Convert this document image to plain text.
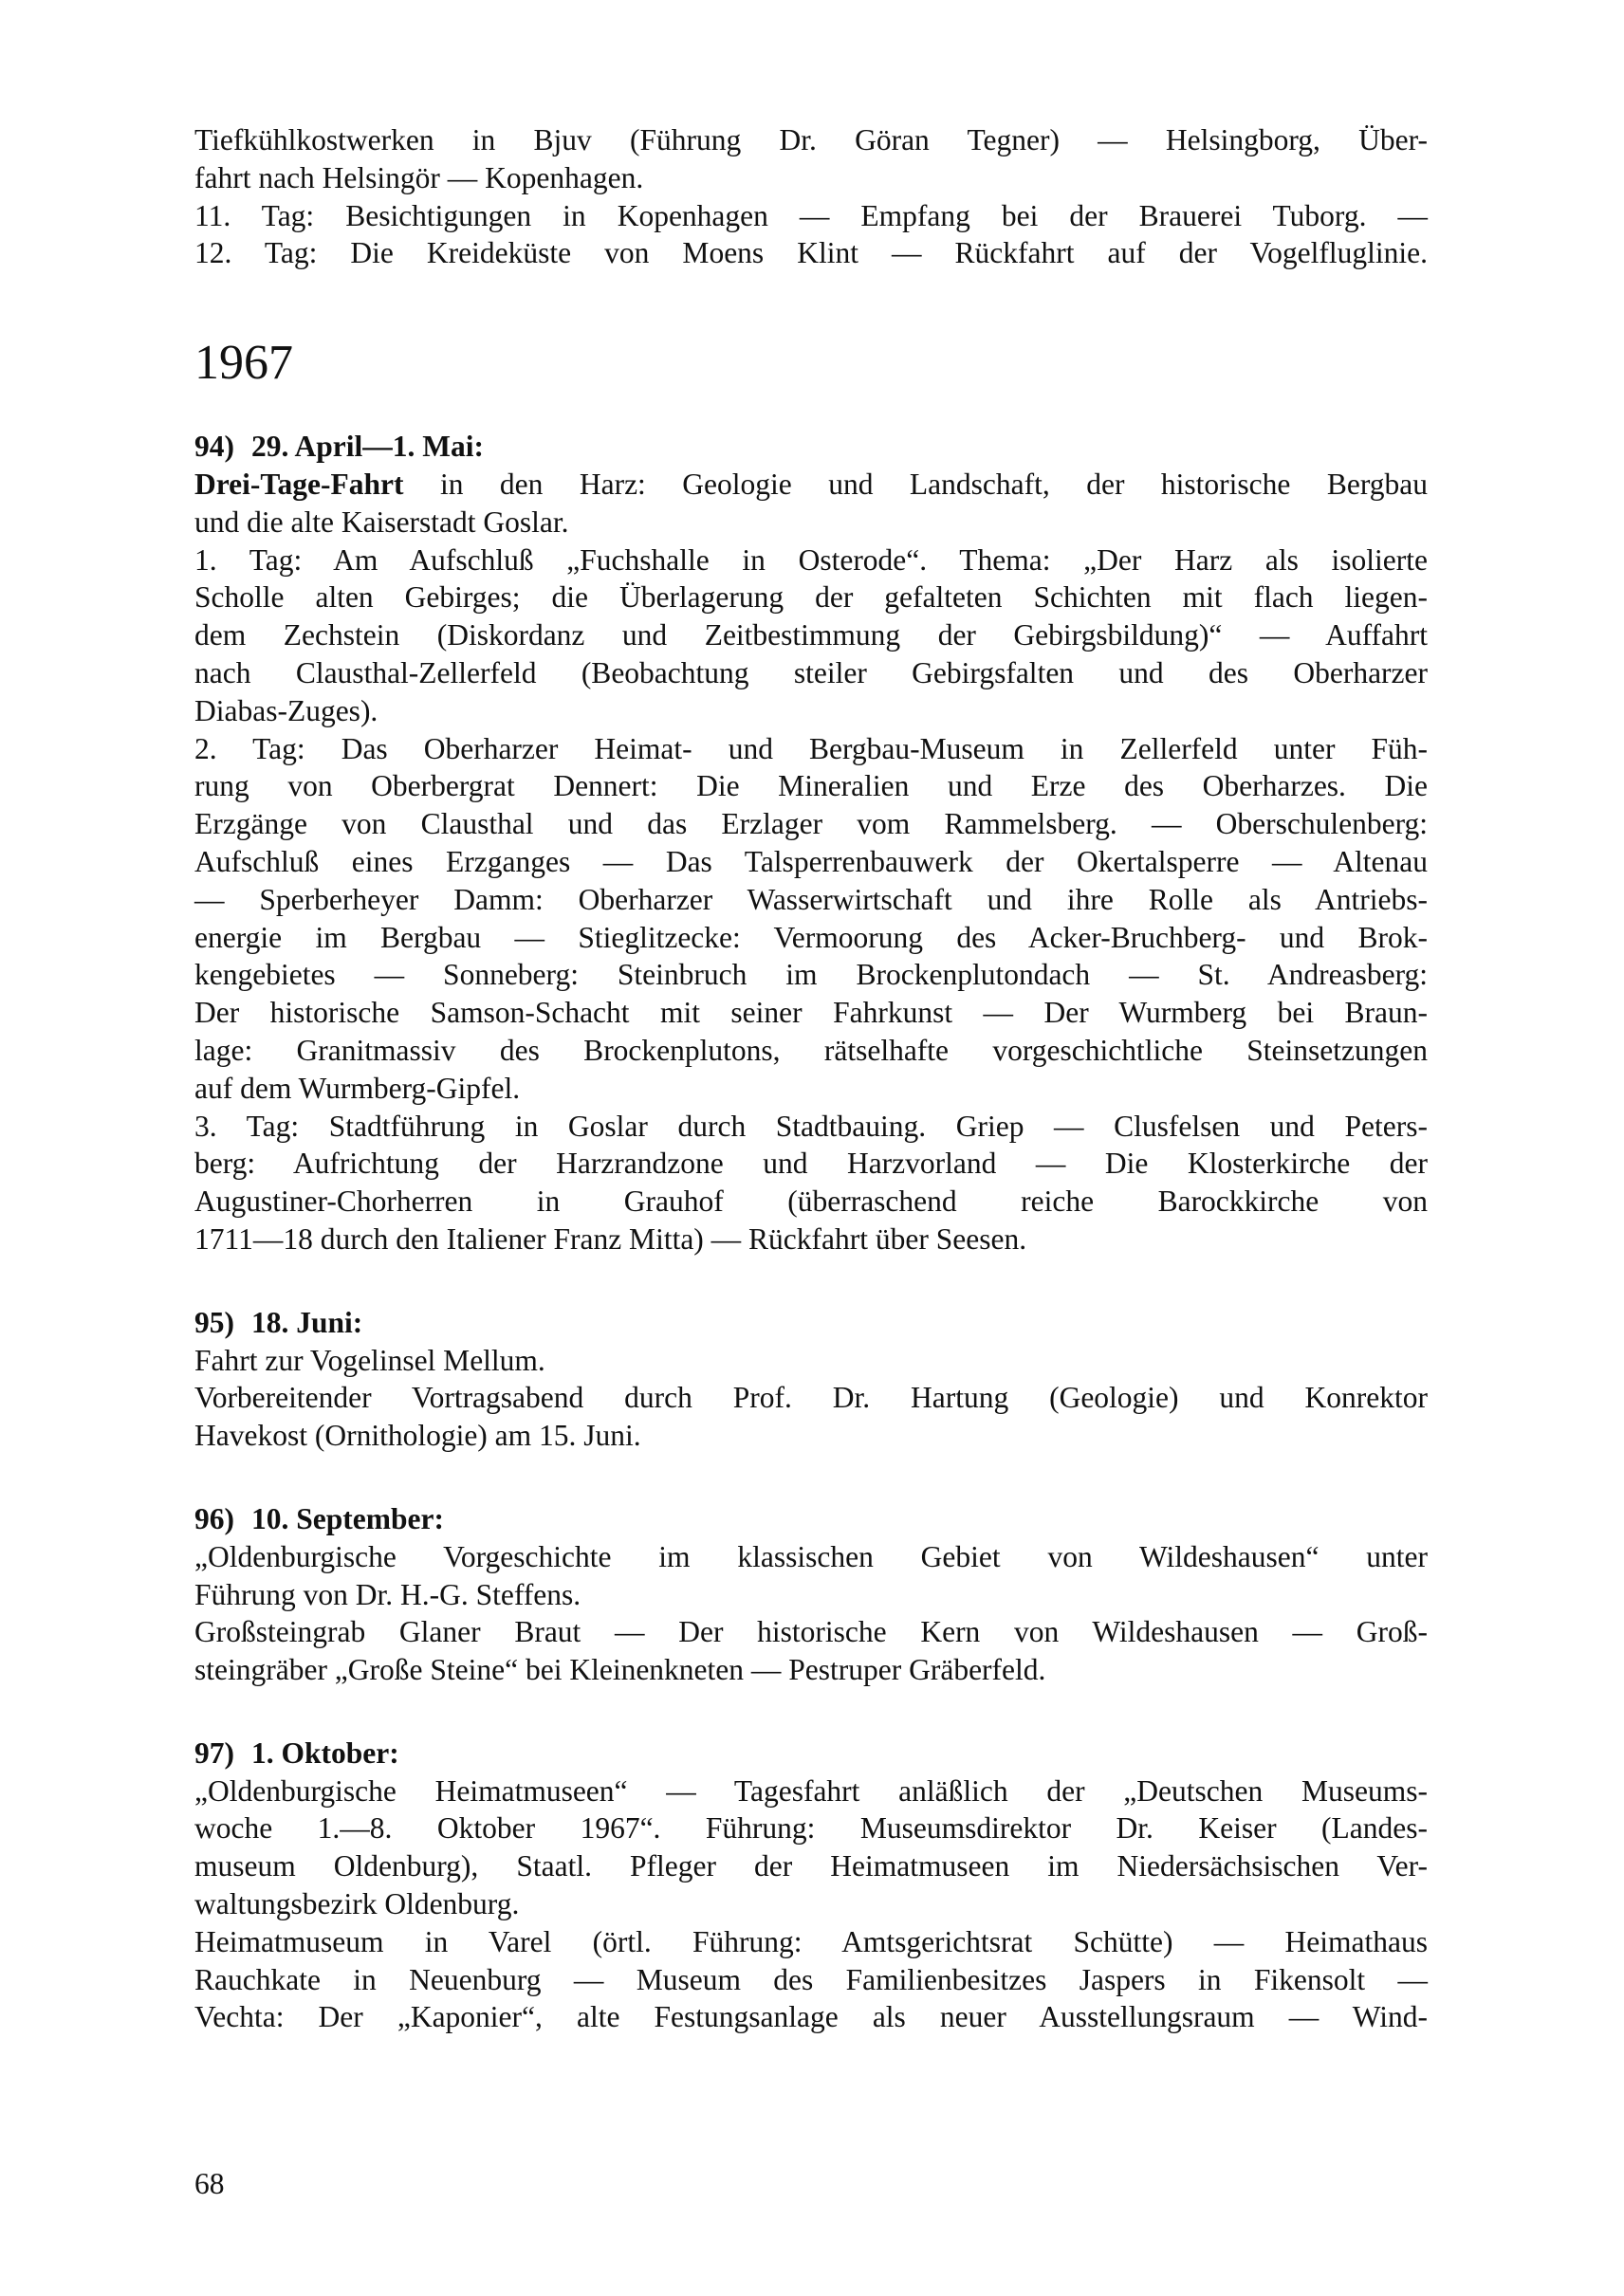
Tiefkühlkostwerken in Bjuv (Führung Dr. Göran Tegner) — Helsingborg, Über-
fahrt nach Helsingör — Kopenhagen.
11. Tag: Besichtigungen in Kopenhagen — Empfang bei der Brauerei Tuborg. —
12. Tag: Die Kreideküste von Moens Klint — Rückfahrt auf der Vogelfluglinie.
1967
94) 29. April—1. Mai:
Drei-Tage-Fahrt in den Harz: Geologie und Landschaft, der historische Bergbau
und die alte Kaiserstadt Goslar.
1. Tag: Am Aufschluß „Fuchshalle in Osterode“. Thema: „Der Harz als isolierte
Scholle alten Gebirges; die Überlagerung der gefalteten Schichten mit flach liegen-
dem Zechstein (Diskordanz und Zeitbestimmung der Gebirgsbildung)“ — Auffahrt
nach Clausthal-Zellerfeld (Beobachtung steiler Gebirgsfalten und des Oberharzer
Diabas-Zuges).
2. Tag: Das Oberharzer Heimat- und Bergbau-Museum in Zellerfeld unter Füh-
rung von Oberbergrat Dennert: Die Mineralien und Erze des Oberharzes. Die
Erzgänge von Clausthal und das Erzlager vom Rammelsberg. — Oberschulenberg:
Aufschluß eines Erzganges — Das Talsperrenbauwerk der Okertalsperre — Altenau
— Sperberheyer Damm: Oberharzer Wasserwirtschaft und ihre Rolle als Antriebs-
energie im Bergbau — Stieglitzecke: Vermoorung des Acker-Bruchberg- und Brok-
kengebietes — Sonneberg: Steinbruch im Brockenplutondach — St. Andreasberg:
Der historische Samson-Schacht mit seiner Fahrkunst — Der Wurmberg bei Braun-
lage: Granitmassiv des Brockenplutons, rätselhafte vorgeschichtliche Steinsetzungen
auf dem Wurmberg-Gipfel.
3. Tag: Stadtführung in Goslar durch Stadtbauing. Griep — Clusfelsen und Peters-
berg: Aufrichtung der Harzrandzone und Harzvorland — Die Klosterkirche der
Augustiner-Chorherren in Grauhof (überraschend reiche Barockkirche von
1711—18 durch den Italiener Franz Mitta) — Rückfahrt über Seesen.
95) 18. Juni:
Fahrt zur Vogelinsel Mellum.
Vorbereitender Vortragsabend durch Prof. Dr. Hartung (Geologie) und Konrektor
Havekost (Ornithologie) am 15. Juni.
96) 10. September:
„Oldenburgische Vorgeschichte im klassischen Gebiet von Wildeshausen“ unter
Führung von Dr. H.-G. Steffens.
Großsteingrab Glaner Braut — Der historische Kern von Wildeshausen — Groß-
steingräber „Große Steine“ bei Kleinenkneten — Pestruper Gräberfeld.
97) 1. Oktober:
„Oldenburgische Heimatmuseen“ — Tagesfahrt anläßlich der „Deutschen Museums-
woche 1.—8. Oktober 1967“. Führung: Museumsdirektor Dr. Keiser (Landes-
museum Oldenburg), Staatl. Pfleger der Heimatmuseen im Niedersächsischen Ver-
waltungsbezirk Oldenburg.
Heimatmuseum in Varel (örtl. Führung: Amtsgerichtsrat Schütte) — Heimathaus
Rauchkate in Neuenburg — Museum des Familienbesitzes Jaspers in Fikensolt —
Vechta: Der „Kaponier“, alte Festungsanlage als neuer Ausstellungsraum — Wind-
68
